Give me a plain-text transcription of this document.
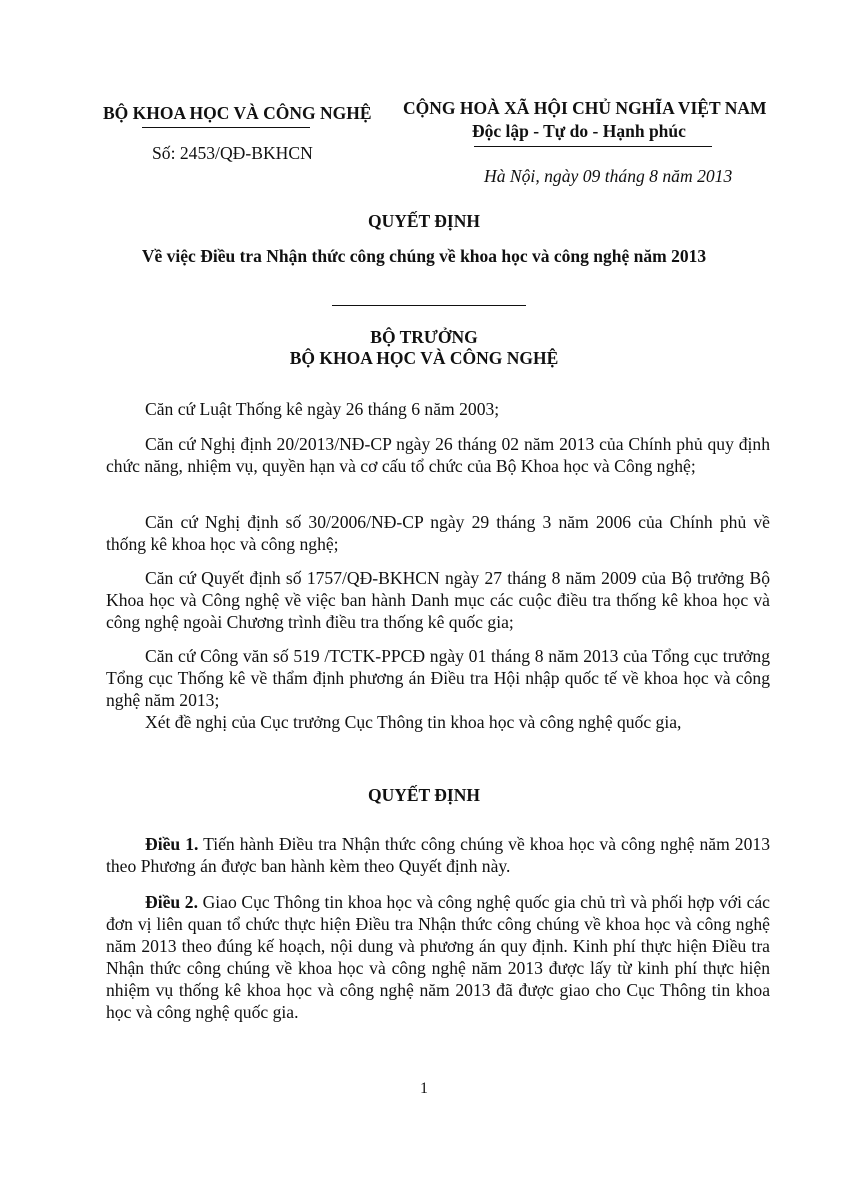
BỘ KHOA HỌC VÀ CÔNG NGHỆ
Số: 2453/QĐ-BKHCN
CỘNG HOÀ XÃ HỘI CHỦ NGHĨA VIỆT NAM
Độc lập - Tự do - Hạnh phúc
Hà Nội, ngày 09 tháng 8 năm 2013
QUYẾT ĐỊNH
Về việc Điều tra Nhận thức công chúng về khoa học và công nghệ năm 2013
BỘ TRƯỞNG
BỘ KHOA HỌC VÀ CÔNG NGHỆ
Căn cứ Luật Thống kê ngày 26 tháng 6 năm 2003;
Căn cứ Nghị định 20/2013/NĐ-CP ngày 26 tháng 02 năm 2013 của Chính phủ quy định chức năng, nhiệm vụ, quyền hạn và cơ cấu tổ chức của Bộ Khoa học và Công nghệ;
Căn cứ Nghị định số 30/2006/NĐ-CP ngày 29 tháng 3 năm 2006 của Chính phủ về thống kê khoa học và công nghệ;
Căn cứ Quyết định số 1757/QĐ-BKHCN ngày 27 tháng 8 năm 2009 của Bộ trưởng Bộ Khoa học và Công nghệ về việc ban hành Danh mục các cuộc điều tra thống kê khoa học và công nghệ ngoài Chương trình điều tra thống kê quốc gia;
Căn cứ Công văn số 519 /TCTK-PPCĐ ngày 01 tháng 8 năm 2013 của Tổng cục trưởng Tổng cục Thống kê về thẩm định phương án Điều tra Hội nhập quốc tế về khoa học và công nghệ năm 2013;
Xét đề nghị của Cục trưởng Cục Thông tin khoa học và công nghệ quốc gia,
QUYẾT ĐỊNH
Điều 1. Tiến hành Điều tra Nhận thức công chúng về khoa học và công nghệ năm 2013 theo Phương án được ban hành kèm theo Quyết định này.
Điều 2. Giao Cục Thông tin khoa học và công nghệ quốc gia chủ trì và phối hợp với các đơn vị liên quan tổ chức thực hiện Điều tra Nhận thức công chúng về khoa học và công nghệ năm 2013 theo đúng kế hoạch, nội dung và phương án quy định. Kinh phí thực hiện Điều tra Nhận thức công chúng về khoa học và công nghệ năm 2013 được lấy từ kinh phí thực hiện nhiệm vụ thống kê khoa học và công nghệ năm 2013 đã được giao cho Cục Thông tin khoa học và công nghệ quốc gia.
1
